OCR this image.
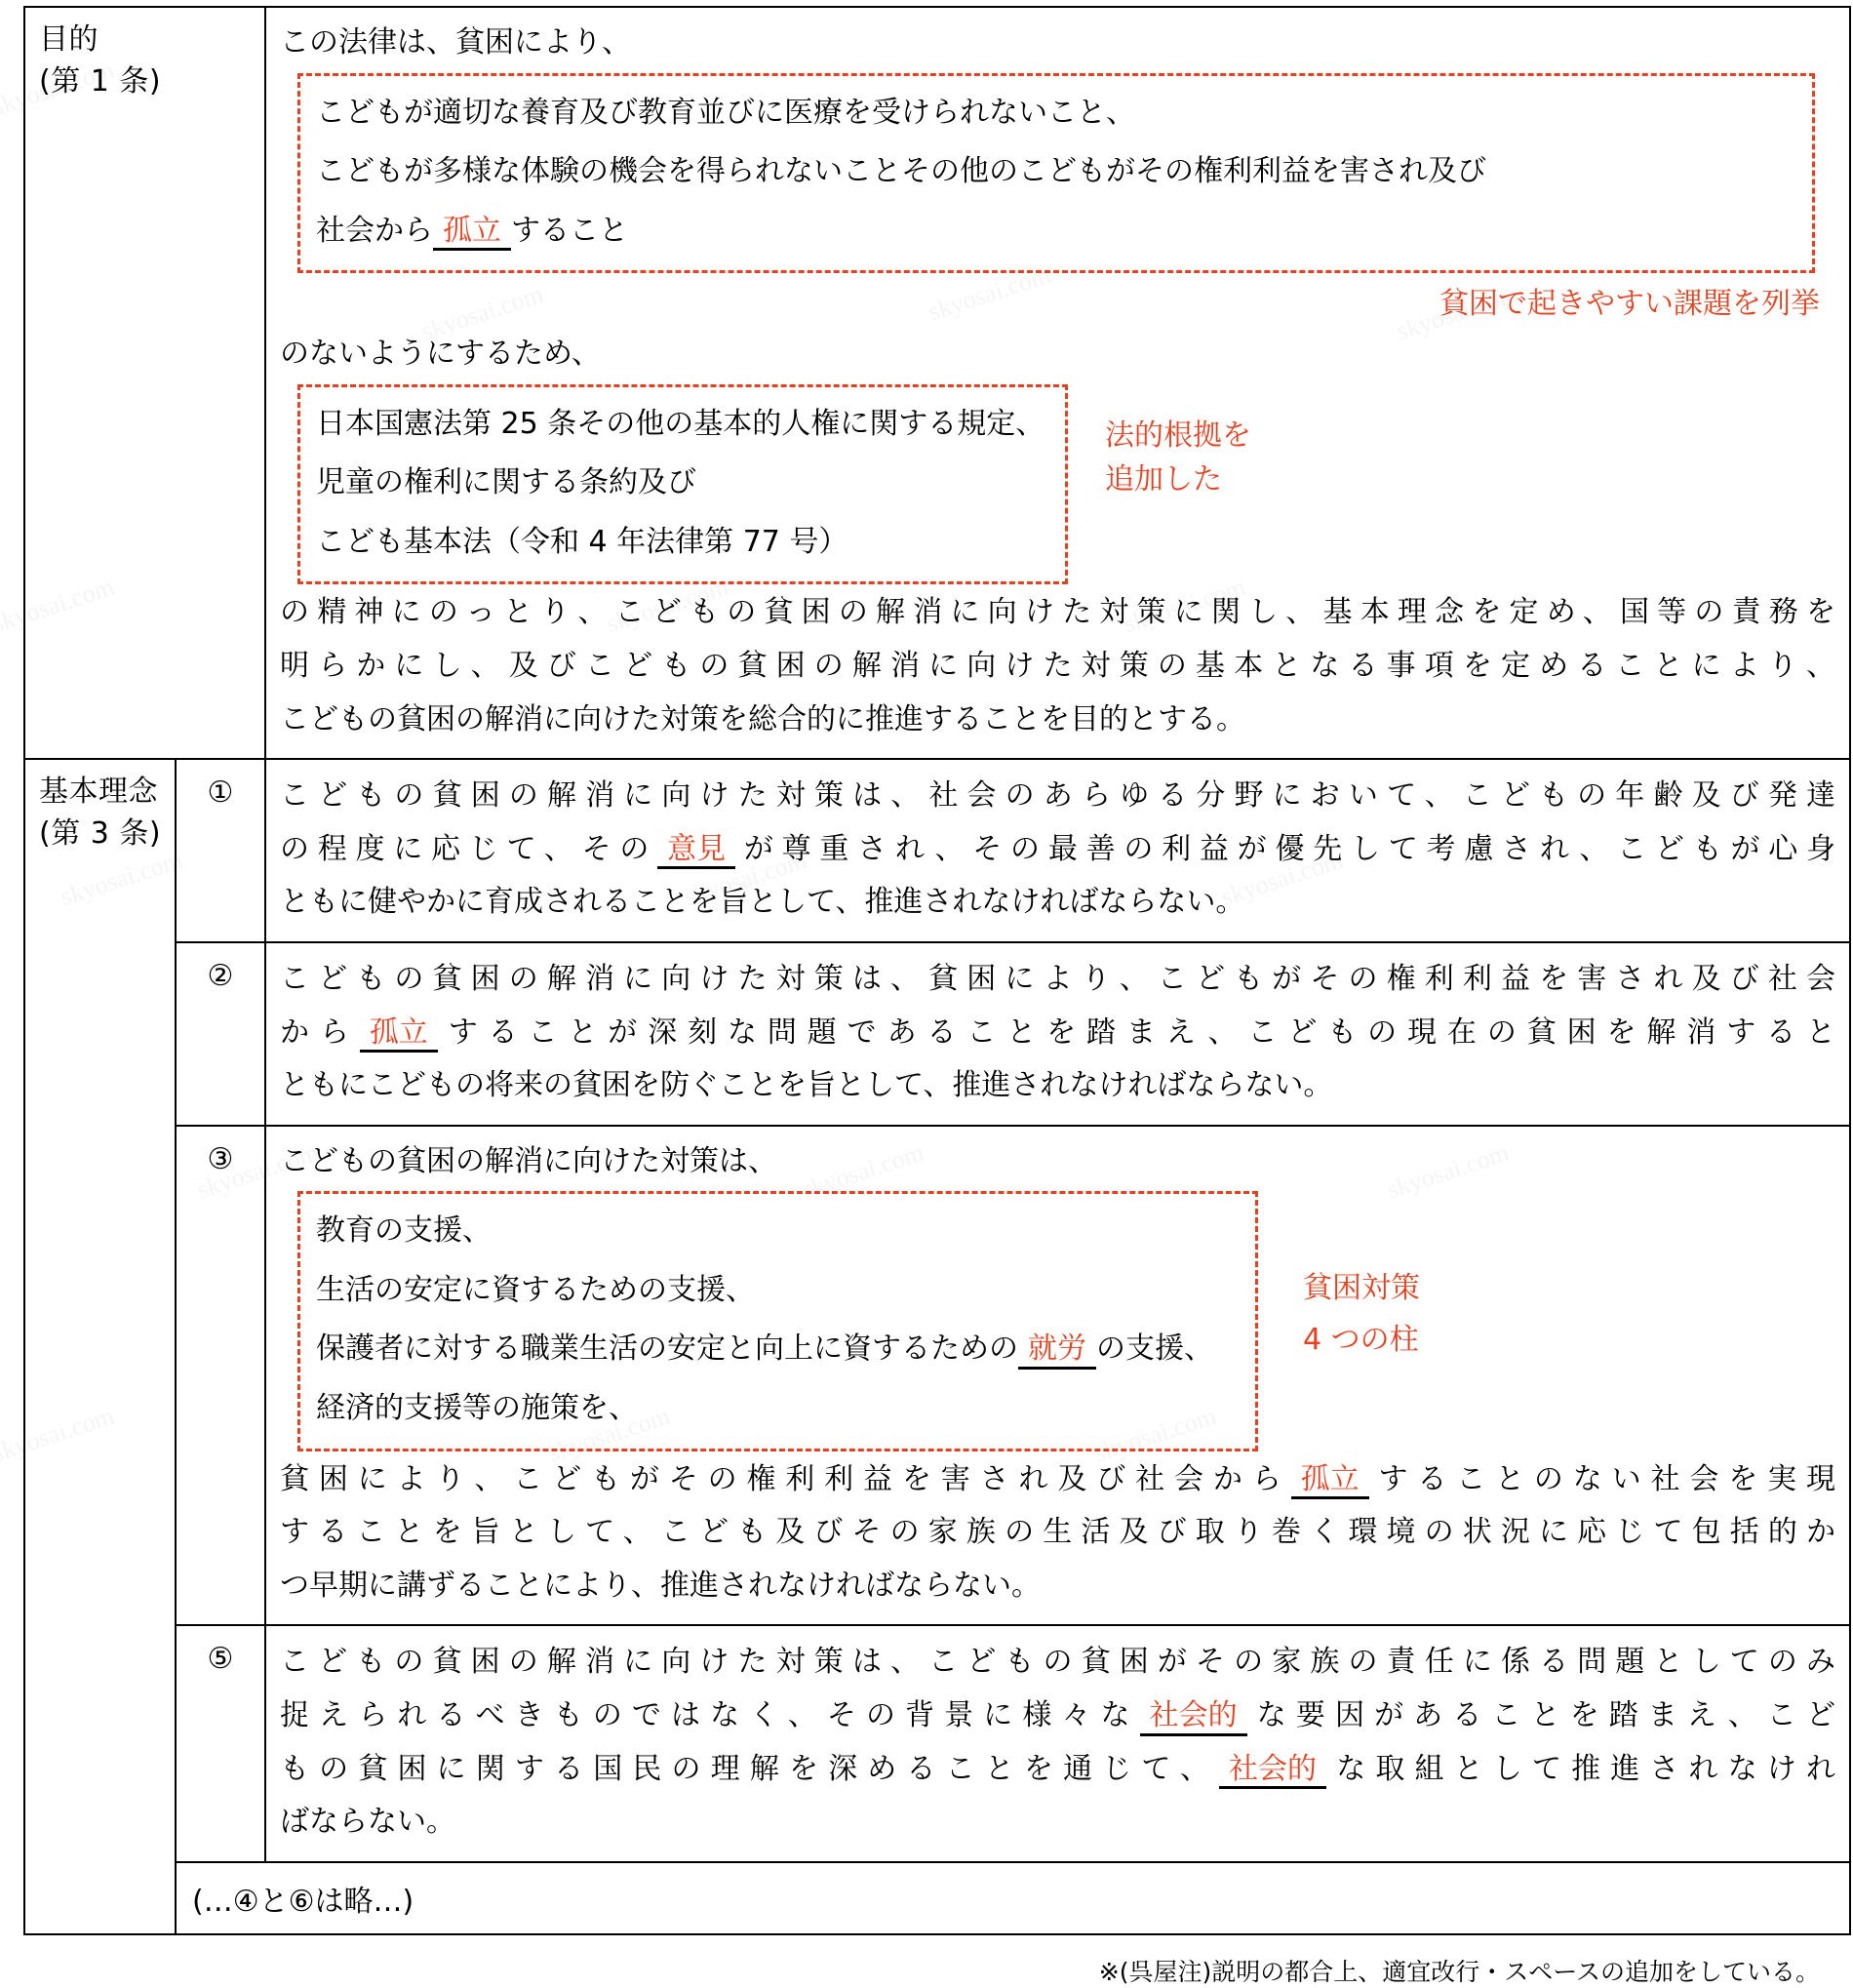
目的
(第 1 条)

この法律は、貧困により、
こどもが適切な養育及び教育並びに医療を受けられないこと、
こどもが多様な体験の機会を得られないことその他のこどもがその権利利益を害され及び
社会から 孤立 すること
貧困で起きやすい課題を列挙
のないようにするため、
日本国憲法第 25 条その他の基本的人権に関する規定、
児童の権利に関する条約及び
こども基本法（令和 4 年法律第 77 号）
法的根拠を
追加した
の精神にのっとり、こどもの貧困の解消に向けた対策に関し、基本理念を定め、国等の責務を
明らかにし、及びこどもの貧困の解消に向けた対策の基本となる事項を定めることにより、
こどもの貧困の解消に向けた対策を総合的に推進することを目的とする。

基本理念
(第 3 条)

①	こどもの貧困の解消に向けた対策は、社会のあらゆる分野において、こどもの年齢及び発達
の程度に応じて、その 意見 が尊重され、その最善の利益が優先して考慮され、こどもが心身
ともに健やかに育成されることを旨として、推進されなければならない。

	②	こどもの貧困の解消に向けた対策は、貧困により、こどもがその権利利益を害され及び社会
から 孤立 することが深刻な問題であることを踏まえ、こどもの現在の貧困を解消すると
ともにこどもの将来の貧困を防ぐことを旨として、推進されなければならない。

③	こどもの貧困の解消に向けた対策は、
教育の支援、
生活の安定に資するための支援、
保護者に対する職業生活の安定と向上に資するための 就労 の支援、
経済的支援等の施策を、
貧困対策
4 つの柱
貧困により、こどもがその権利利益を害され及び社会から 孤立 することのない社会を実現
することを旨として、こども及びその家族の生活及び取り巻く環境の状況に応じて包括的か
つ早期に講ずることにより、推進されなければならない。

	⑤	こどもの貧困の解消に向けた対策は、こどもの貧困がその家族の責任に係る問題としてのみ
捉えられるべきものではなく、その背景に様々な 社会的 な要因があることを踏まえ、こど
もの貧困に関する国民の理解を深めることを通じて、 社会的 な取組として推進されなけれ
ばならない。

	(…④と⑥は略…)	
※(呉屋注)説明の都合上、適宜改行・スペースの追加をしている。
